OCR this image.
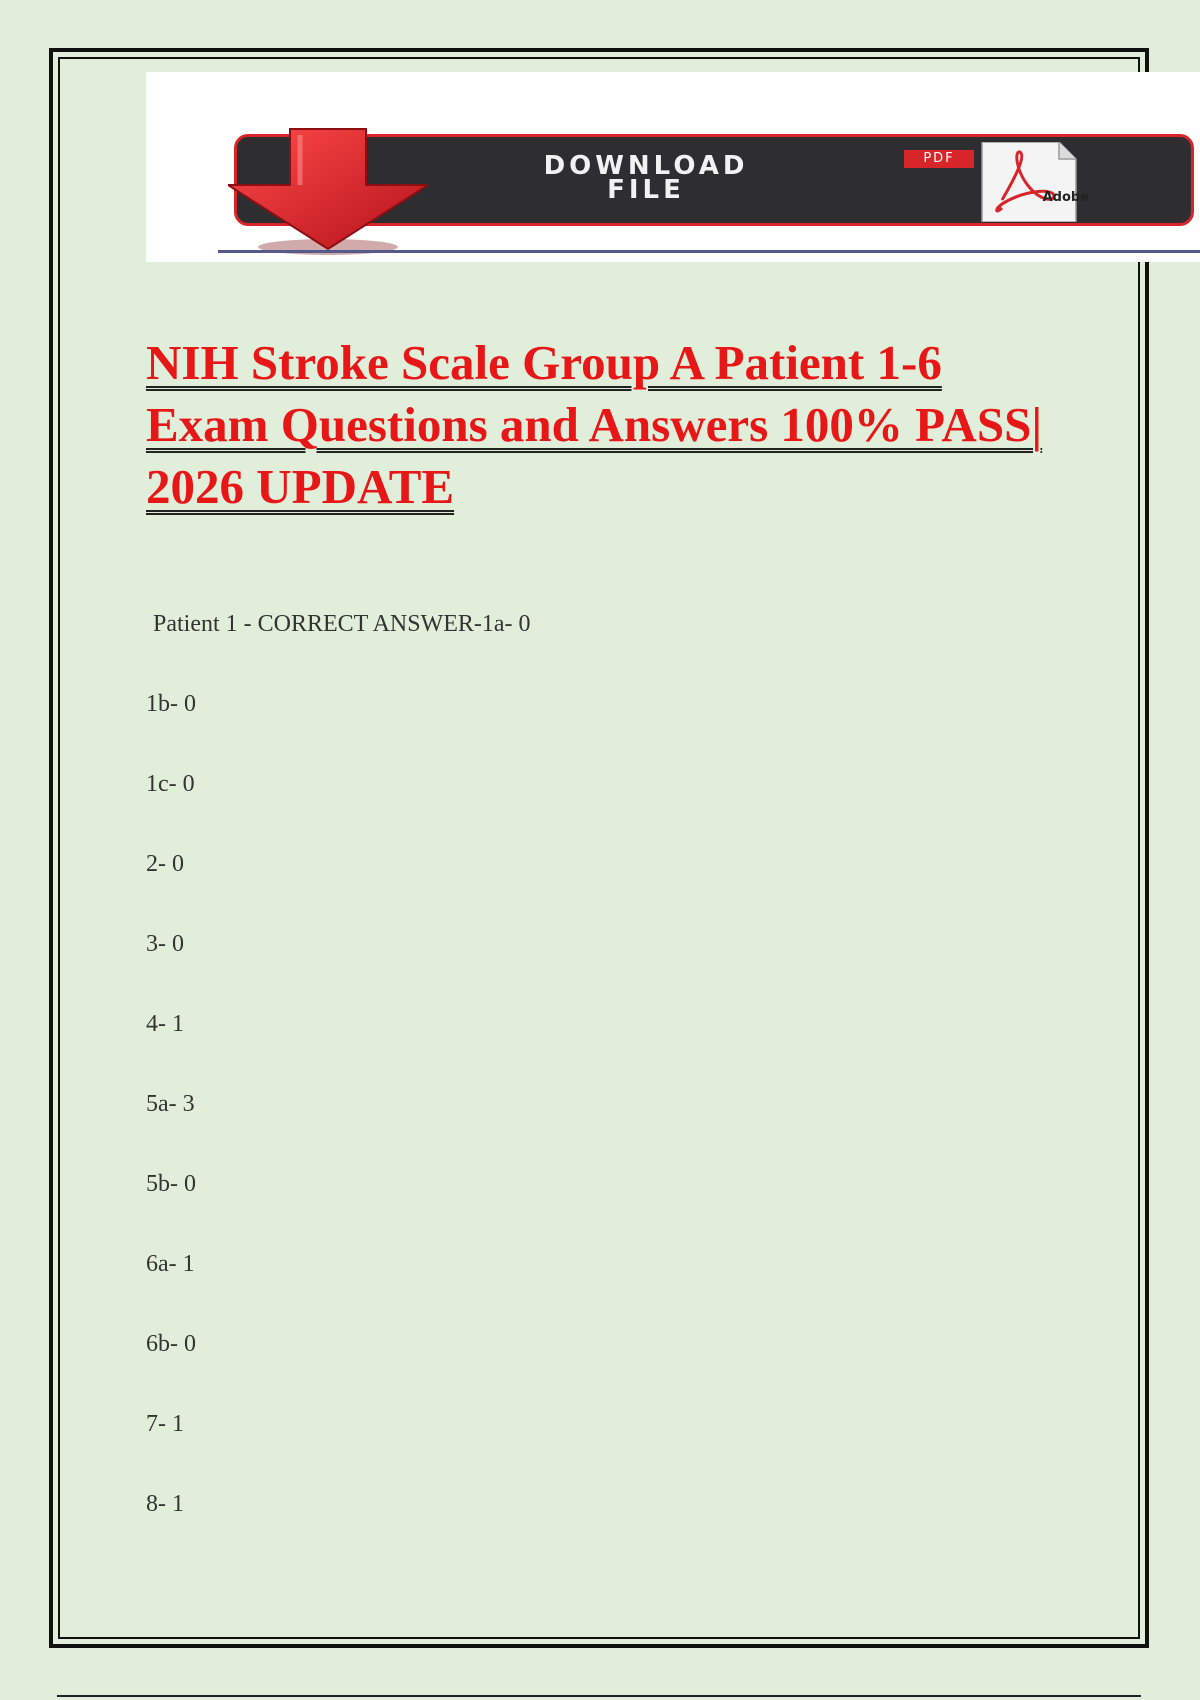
DOWNLOAD
FILE
PDF
Adobe
NIH Stroke Scale Group A Patient 1-6 Exam Questions and Answers 100% PASS| 2026 UPDATE

Patient 1 - CORRECT ANSWER-1a- 0

1b- 0

1c- 0

2- 0

3- 0

4- 1

5a- 3

5b- 0

6a- 1

6b- 0

7- 1

8- 1
